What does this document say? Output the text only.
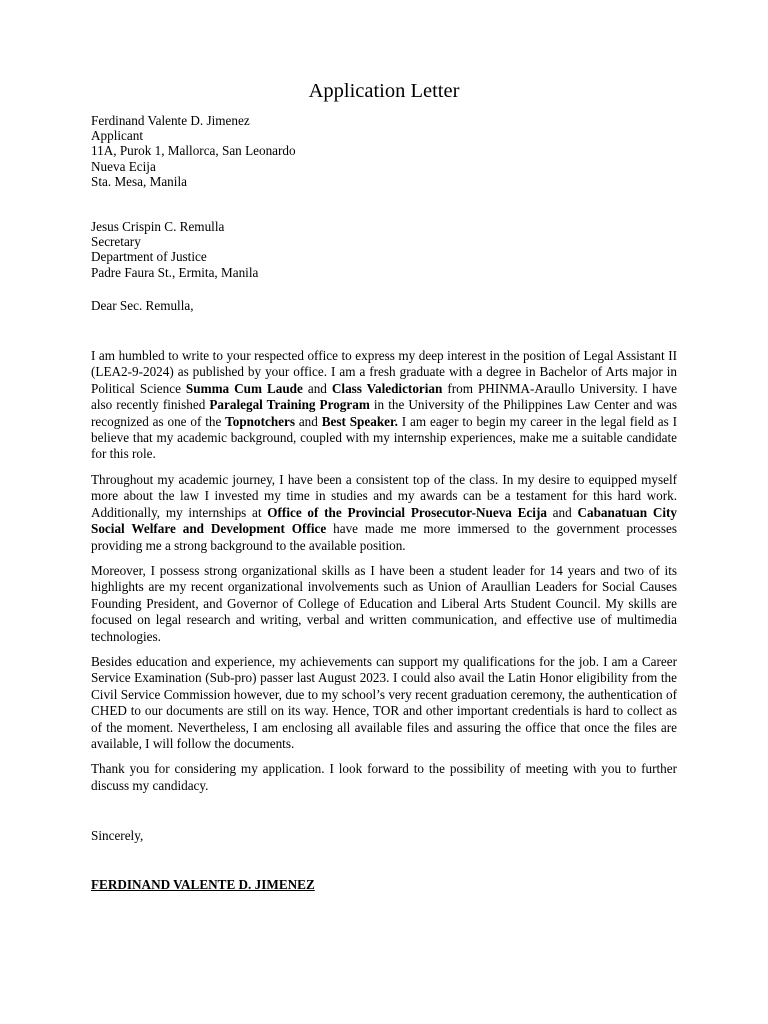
Application Letter
Ferdinand Valente D. Jimenez
Applicant
11A, Purok 1, Mallorca, San Leonardo
Nueva Ecija
Sta. Mesa, Manila
Jesus Crispin C. Remulla
Secretary
Department of Justice
Padre Faura St., Ermita, Manila
Dear Sec. Remulla,

I am humbled to write to your respected office to express my deep interest in the position of Legal Assistant II (LEA2-9-2024) as published by your office. I am a fresh graduate with a degree in Bachelor of Arts major in Political Science Summa Cum Laude and Class Valedictorian from PHINMA-Araullo University. I have also recently finished Paralegal Training Program in the University of the Philippines Law Center and was recognized as one of the Topnotchers and Best Speaker. I am eager to begin my career in the legal field as I believe that my academic background, coupled with my internship experiences, make me a suitable candidate for this role.

Throughout my academic journey, I have been a consistent top of the class. In my desire to equipped myself more about the law I invested my time in studies and my awards can be a testament for this hard work. Additionally, my internships at Office of the Provincial Prosecutor-Nueva Ecija and Cabanatuan City Social Welfare and Development Office have made me more immersed to the government processes providing me a strong background to the available position.

Moreover, I possess strong organizational skills as I have been a student leader for 14 years and two of its highlights are my recent organizational involvements such as Union of Araullian Leaders for Social Causes Founding President, and Governor of College of Education and Liberal Arts Student Council. My skills are focused on legal research and writing, verbal and written communication, and effective use of multimedia technologies.

Besides education and experience, my achievements can support my qualifications for the job. I am a Career Service Examination (Sub-pro) passer last August 2023. I could also avail the Latin Honor eligibility from the Civil Service Commission however, due to my school’s very recent graduation ceremony, the authentication of CHED to our documents are still on its way. Hence, TOR and other important credentials is hard to collect as of the moment. Nevertheless, I am enclosing all available files and assuring the office that once the files are available, I will follow the documents.

Thank you for considering my application. I look forward to the possibility of meeting with you to further discuss my candidacy.

Sincerely,
FERDINAND VALENTE D. JIMENEZ
